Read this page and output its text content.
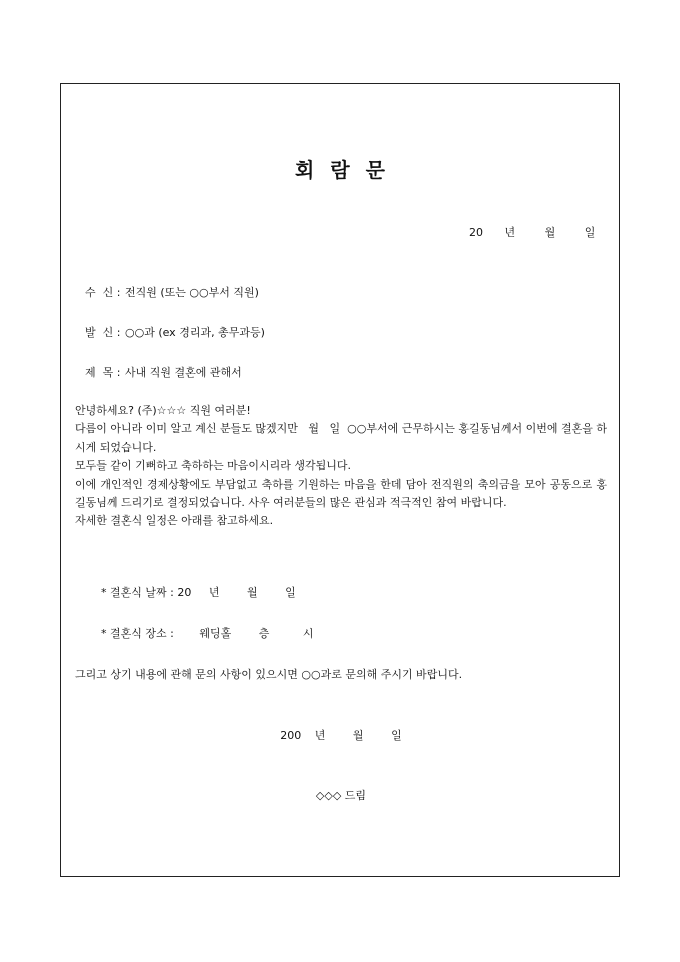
회 람 문
20 년	월	일
수  신 : 전직원 (또는 ○○부서 직원)
발  신 : ○○과 (ex 경리과, 총무과등)
제  목 : 사내 직원 결혼에 관해서

안녕하세요? (주)☆☆☆ 직원 여러분!

다름이 아니라 이미 알고 계신 분들도 많겠지만   월   일  ○○부서에 근무하시는 홍길동님께서 이번에 결혼을 하시게 되었습니다.

모두들 같이 기뻐하고 축하하는 마음이시리라 생각됩니다.

이에 개인적인 경제상황에도 부담없고 축하를 기원하는 마음을 한데 담아 전직원의 축의금을 모아 공동으로 홍길동님께 드리기로 결정되었습니다. 사우 여러분들의 많은 관심과 적극적인 참여 바랍니다.

자세한 결혼식 일정은 아래를 참고하세요.

* 결혼식 날짜 : 20 년	월	일
* 결혼식 장소 : 웨딩홀	층	시
그리고 상기 내용에 관해 문의 사항이 있으시면 ○○과로 문의해 주시기 바랍니다.
200 년	월	일
◇◇◇ 드림
